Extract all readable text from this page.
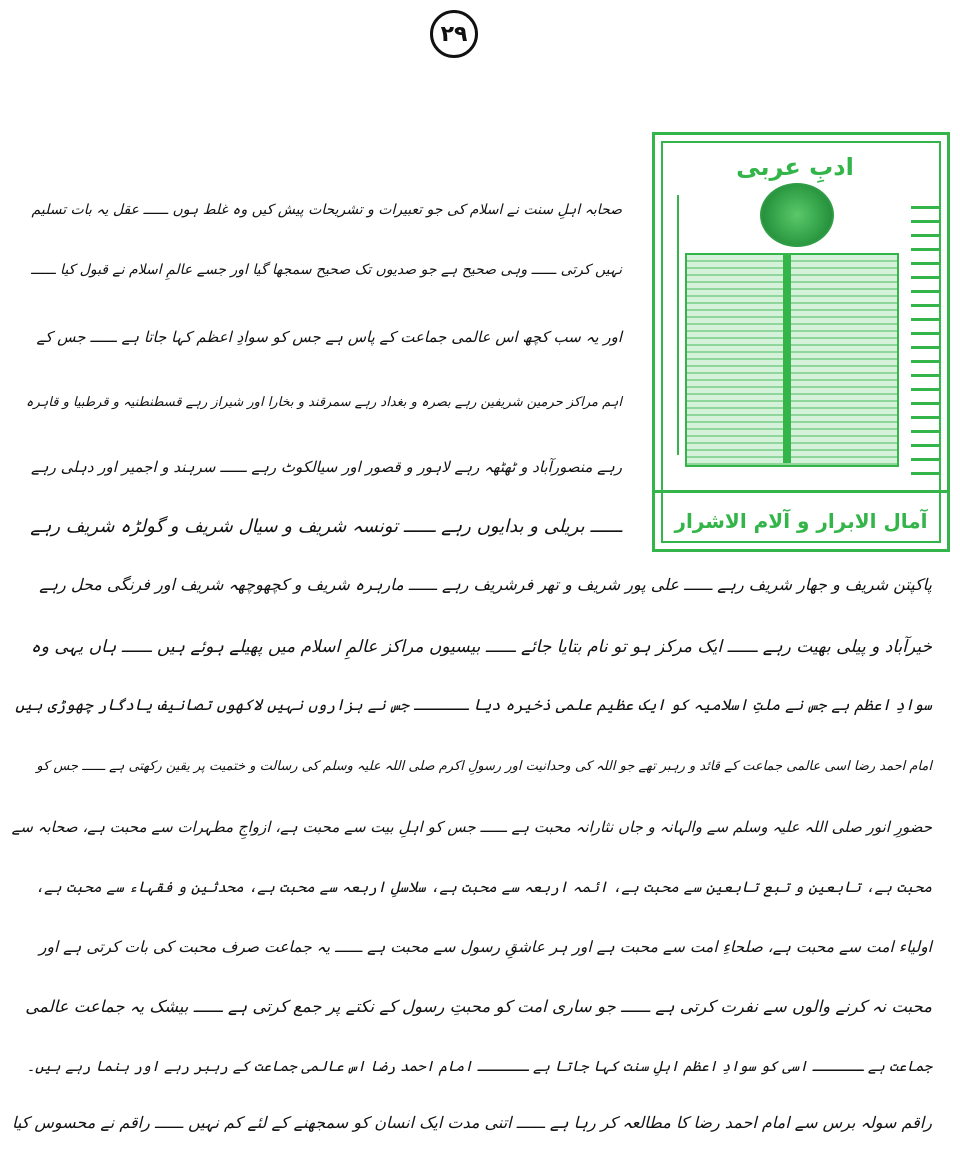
۲۹
ادبِ عربی
آمال الابرار و آلام الاشرار
صحابہ اہلِ سنت نے اسلام کی جو تعبیرات و تشریحات پیش کیں وہ غلط ہوں ــــــ عقل یہ بات تسلیم
نہیں کرتی ــــــ وہی صحیح ہے جو صدیوں تک صحیح سمجھا گیا اور جسے عالمِ اسلام نے قبول کیا ــــــ
اور یہ سب کچھ اس عالمی جماعت کے پاس ہے جس کو سوادِ اعظم کہا جاتا ہے ــــــ جس کے
اہم مراکز حرمین شریفین رہے بصرہ و بغداد رہے سمرقند و بخارا اور شیراز رہے قسطنطنیہ و قرطبیا و قاہرہ
رہے منصورآباد و ٹھٹھہ رہے لاہور و قصور اور سیالکوٹ رہے ــــــ سرہند و اجمیر اور دہلی رہے
ــــــ بریلی و بدایوں رہے ــــــ تونسہ شریف و سیال شریف و گولڑہ شریف رہے
پاکپتن شریف و جھار شریف رہے ــــــ علی پور شریف و تھر فرشریف رہے ــــــ مارہرہ شریف و کچھوچھہ شریف اور فرنگی محل رہے
خیرآباد و پیلی بھیت رہے ــــــ ایک مرکز ہو تو نام بتایا جائے ــــــ بیسیوں مراکز عالمِ اسلام میں پھیلے ہوئے ہیں ــــــ ہاں یہی وہ
سوادِ اعظم ہے جس نے ملتِ اسلامیہ کو ایک عظیم علمی ذخیرہ دیا ــــــ جس نے ہزاروں نہیں لاکھوں تصانیف یادگار چھوڑی ہیں
امام احمد رضا اسی عالمی جماعت کے قائد و رہبر تھے جو اللہ کی وحدانیت اور رسولِ اکرم صلی اللہ علیہ وسلم کی رسالت و ختمیت پر یقین رکھتی ہے ــــــ جس کو
حضورِ انور صلی اللہ علیہ وسلم سے والہانہ و جاں نثارانہ محبت ہے ــــــ جس کو اہلِ بیت سے محبت ہے، ازواجِ مطہرات سے محبت ہے، صحابہ سے
محبت ہے، تابعین و تبع تابعین سے محبت ہے، ائمہ اربعہ سے محبت ہے، سلاسلِ اربعہ سے محبت ہے، محدثین و فقہاء سے محبت ہے،
اولیاء امت سے محبت ہے، صلحاءِ امت سے محبت ہے اور ہر عاشقِ رسول سے محبت ہے ــــــ یہ جماعت صرف محبت کی بات کرتی ہے اور
محبت نہ کرنے والوں سے نفرت کرتی ہے ــــــ جو ساری امت کو محبتِ رسول کے نکتے پر جمع کرتی ہے ــــــ بیشک یہ جماعت عالمی
جماعت ہے ــــــ اسی کو سوادِ اعظم اہلِ سنت کہا جاتا ہے ــــــ امام احمد رضا اس عالمی جماعت کے رہبر رہے اور ہنما رہے ہیں۔
راقم سولہ برس سے امام احمد رضا کا مطالعہ کر رہا ہے ــــــ اتنی مدت ایک انسان کو سمجھنے کے لئے کم نہیں ــــــ راقم نے محسوس کیا
